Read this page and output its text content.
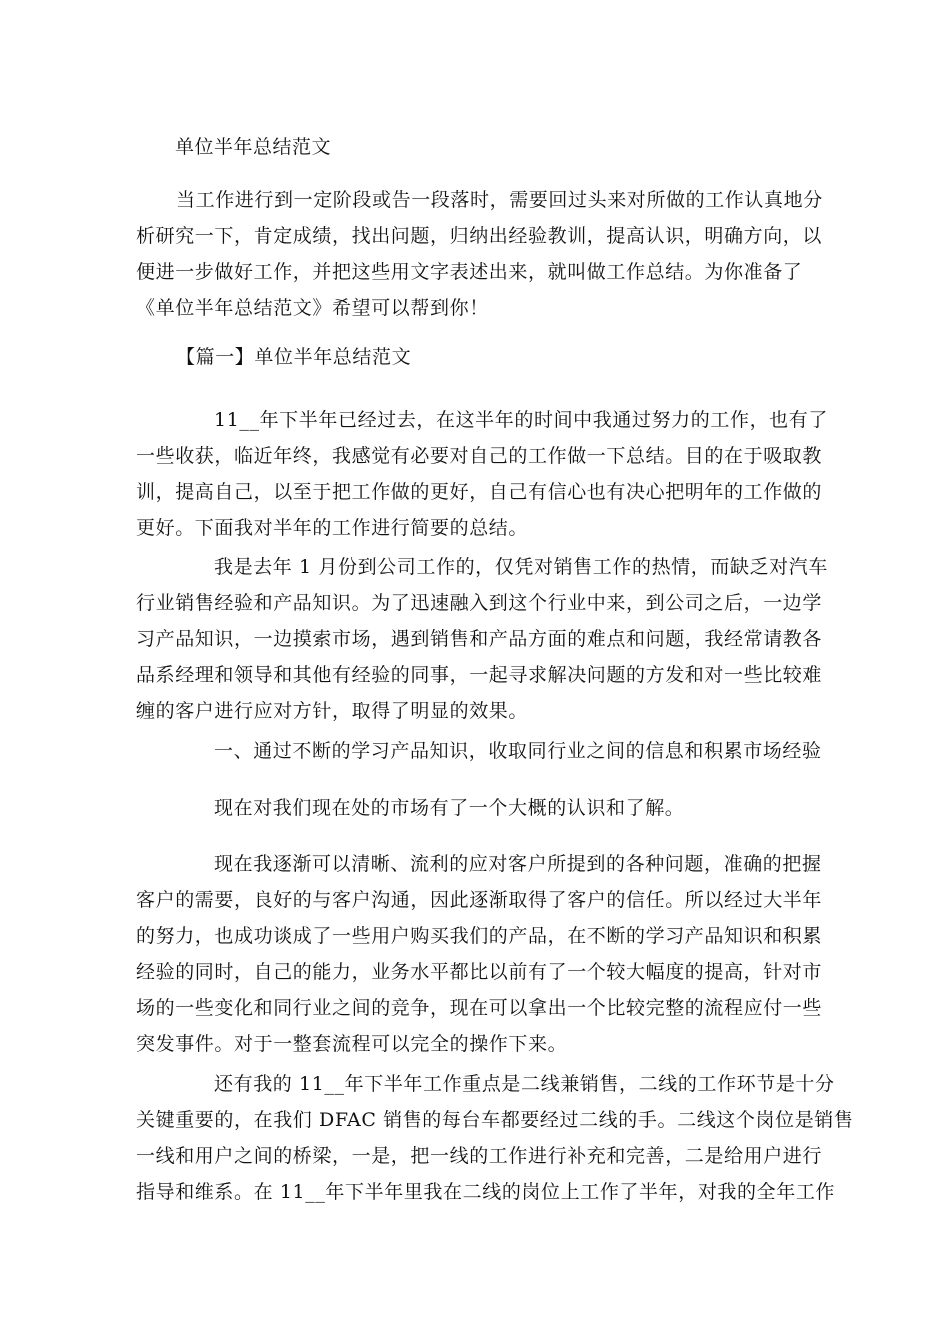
单位半年总结范文
当工作进行到一定阶段或告一段落时，需要回过头来对所做的工作认真地分
析研究一下，肯定成绩，找出问题，归纳出经验教训，提高认识，明确方向，以
便进一步做好工作，并把这些用文字表述出来，就叫做工作总结。为你准备了
《单位半年总结范文》希望可以帮到你！
【篇一】单位半年总结范文
11__年下半年已经过去，在这半年的时间中我通过努力的工作，也有了
一些收获，临近年终，我感觉有必要对自己的工作做一下总结。目的在于吸取教
训，提高自己，以至于把工作做的更好，自己有信心也有决心把明年的工作做的
更好。下面我对半年的工作进行简要的总结。
我是去年 1 月份到公司工作的，仅凭对销售工作的热情，而缺乏对汽车
行业销售经验和产品知识。为了迅速融入到这个行业中来，到公司之后，一边学
习产品知识，一边摸索市场，遇到销售和产品方面的难点和问题，我经常请教各
品系经理和领导和其他有经验的同事，一起寻求解决问题的方发和对一些比较难
缠的客户进行应对方针，取得了明显的效果。
一、通过不断的学习产品知识，收取同行业之间的信息和积累市场经验
现在对我们现在处的市场有了一个大概的认识和了解。
现在我逐渐可以清晰、流利的应对客户所提到的各种问题，准确的把握
客户的需要，良好的与客户沟通，因此逐渐取得了客户的信任。所以经过大半年
的努力，也成功谈成了一些用户购买我们的产品，在不断的学习产品知识和积累
经验的同时，自己的能力，业务水平都比以前有了一个较大幅度的提高，针对市
场的一些变化和同行业之间的竞争，现在可以拿出一个比较完整的流程应付一些
突发事件。对于一整套流程可以完全的操作下来。
还有我的 11__年下半年工作重点是二线兼销售，二线的工作环节是十分
关键重要的，在我们 DFAC 销售的每台车都要经过二线的手。二线这个岗位是销售
一线和用户之间的桥梁，一是，把一线的工作进行补充和完善，二是给用户进行
指导和维系。在 11__年下半年里我在二线的岗位上工作了半年，对我的全年工作
